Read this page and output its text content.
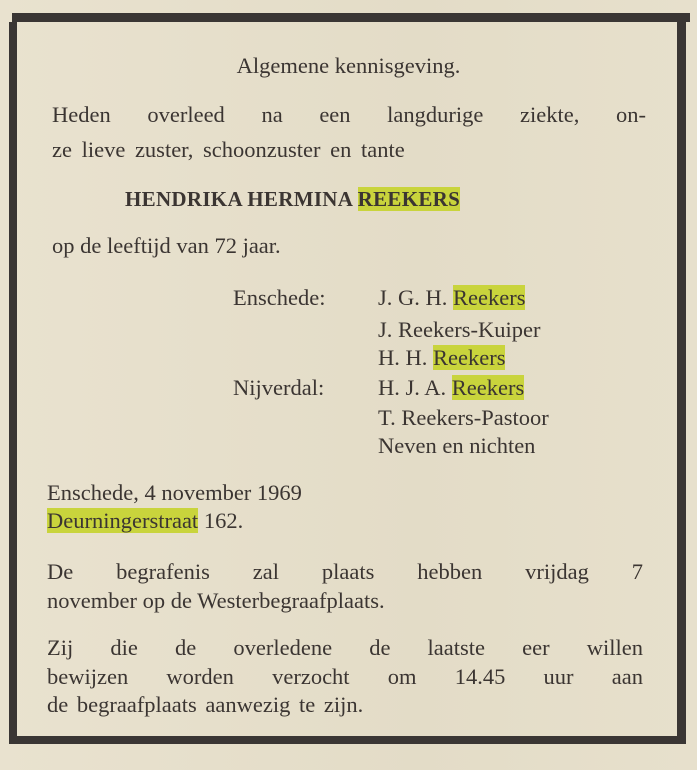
Algemene kennisgeving.
Heden overleed na een langdurige ziekte, on-
ze lieve zuster, schoonzuster en tante
HENDRIKA HERMINA REEKERS
op de leeftijd van 72 jaar.
Enschede: J. G. H. Reekers
J. Reekers-Kuiper
H. H. Reekers
Nijverdal: H. J. A. Reekers
T. Reekers-Pastoor
Neven en nichten
Enschede, 4 november 1969
Deurningerstraat 162.
De begrafenis zal plaats hebben vrijdag 7
november op de Westerbegraafplaats.
Zij die de overledene de laatste eer willen
bewijzen worden verzocht om 14.45 uur aan
de begraafplaats aanwezig te zijn.
